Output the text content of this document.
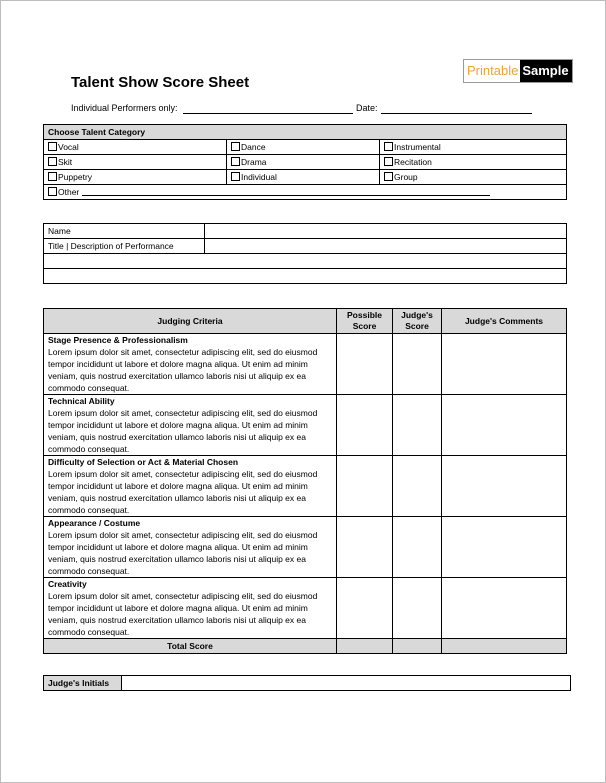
Talent Show Score Sheet
Printable Sample
Individual Performers only:	Date:
Choose Talent Category		
Vocal	Dance	Instrumental
Skit	Drama	Recitation
Puppetry	Individual	Group
Other		
Name	
Title | Description of Performance	

Judging Criteria	Possible Score	Judge's Score	Judge's Comments

Stage Presence & Professionalism
Lorem ipsum dolor sit amet, consectetur adipiscing elit, sed do eiusmod tempor incididunt ut labore et dolore magna aliqua. Ut enim ad minim veniam, quis nostrud exercitation ullamco laboris nisi ut aliquip ex ea commodo consequat.			

Technical Ability
Lorem ipsum dolor sit amet, consectetur adipiscing elit, sed do eiusmod tempor incididunt ut labore et dolore magna aliqua. Ut enim ad minim veniam, quis nostrud exercitation ullamco laboris nisi ut aliquip ex ea commodo consequat.			

Difficulty of Selection or Act & Material Chosen
Lorem ipsum dolor sit amet, consectetur adipiscing elit, sed do eiusmod tempor incididunt ut labore et dolore magna aliqua. Ut enim ad minim veniam, quis nostrud exercitation ullamco laboris nisi ut aliquip ex ea commodo consequat.			

Appearance / Costume
Lorem ipsum dolor sit amet, consectetur adipiscing elit, sed do eiusmod tempor incididunt ut labore et dolore magna aliqua. Ut enim ad minim veniam, quis nostrud exercitation ullamco laboris nisi ut aliquip ex ea commodo consequat.			

Creativity
Lorem ipsum dolor sit amet, consectetur adipiscing elit, sed do eiusmod tempor incididunt ut labore et dolore magna aliqua. Ut enim ad minim veniam, quis nostrud exercitation ullamco laboris nisi ut aliquip ex ea commodo consequat.			
Total Score			
Judge's Initials	
